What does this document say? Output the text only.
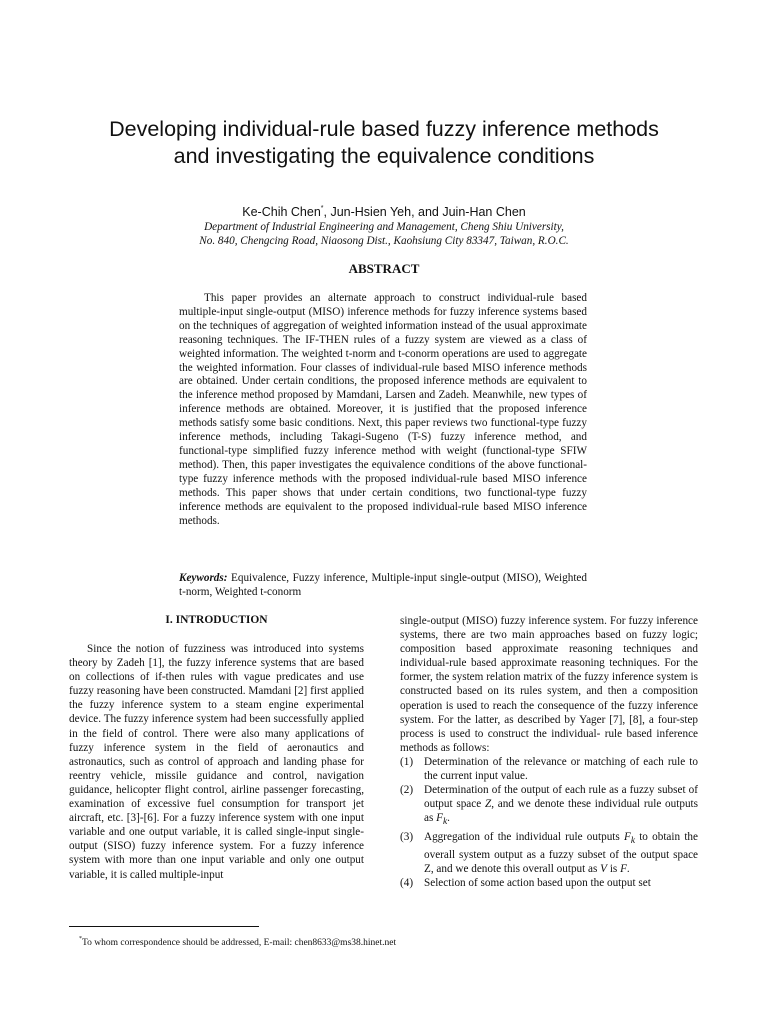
Developing individual-rule based fuzzy inference methods
and investigating the equivalence conditions
Ke-Chih Chen*, Jun-Hsien Yeh, and Juin-Han Chen
Department of Industrial Engineering and Management, Cheng Shiu University,
No. 840, Chengcing Road, Niaosong Dist., Kaohsiung City 83347, Taiwan, R.O.C.
ABSTRACT

This paper provides an alternate approach to construct individual-rule based multiple-input single-output (MISO) inference methods for fuzzy inference systems based on the techniques of aggregation of weighted information instead of the usual approximate reasoning techniques. The IF-THEN rules of a fuzzy system are viewed as a class of weighted information. The weighted t-norm and t-conorm operations are used to aggregate the weighted information. Four classes of individual-rule based MISO inference methods are obtained. Under certain conditions, the proposed inference methods are equivalent to the inference method proposed by Mamdani, Larsen and Zadeh. Meanwhile, new types of inference methods are obtained. Moreover, it is justified that the proposed inference methods satisfy some basic conditions. Next, this paper reviews two functional-type fuzzy inference methods, including Takagi-Sugeno (T-S) fuzzy inference method, and functional-type simplified fuzzy inference method with weight (functional-type SFIW method). Then, this paper investigates the equivalence conditions of the above functional-type fuzzy inference methods with the proposed individual-rule based MISO inference methods. This paper shows that under certain conditions, two functional-type fuzzy inference methods are equivalent to the proposed individual-rule based MISO inference methods.

Keywords: Equivalence, Fuzzy inference, Multiple-input single-output (MISO), Weighted t-norm, Weighted t-conorm

I. INTRODUCTION

Since the notion of fuzziness was introduced into systems theory by Zadeh [1], the fuzzy inference systems that are based on collections of if-then rules with vague predicates and use fuzzy reasoning have been constructed. Mamdani [2] first applied the fuzzy inference system to a steam engine experimental device. The fuzzy inference system had been successfully applied in the field of control. There were also many applications of fuzzy inference system in the field of aeronautics and astronautics, such as control of approach and landing phase for reentry vehicle, missile guidance and control, navigation guidance, helicopter flight control, airline passenger forecasting, examination of excessive fuel consumption for transport jet aircraft, etc. [3]-[6]. For a fuzzy inference system with one input variable and one output variable, it is called single-input single-output (SISO) fuzzy inference system. For a fuzzy inference system with more than one input variable and only one output variable, it is called multiple-input

single-output (MISO) fuzzy inference system. For fuzzy inference systems, there are two main approaches based on fuzzy logic; composition based approximate reasoning techniques and individual-rule based approximate reasoning techniques. For the former, the system relation matrix of the fuzzy inference system is constructed based on its rules system, and then a composition operation is used to reach the consequence of the fuzzy inference system. For the latter, as described by Yager [7], [8], a four-step process is used to construct the individual- rule based inference methods as follows:

(1) Determination of the relevance or matching of each rule to the current input value.
(2) Determination of the output of each rule as a fuzzy subset of output space Z, and we denote these individual rule outputs as $F_k$.
(3) Aggregation of the individual rule outputs $F_k$ to obtain the overall system output as a fuzzy subset of the output space Z, and we denote this overall output as V is F.
(4) Selection of some action based upon the output set
*To whom correspondence should be addressed, E-mail: chen8633@ms38.hinet.net
